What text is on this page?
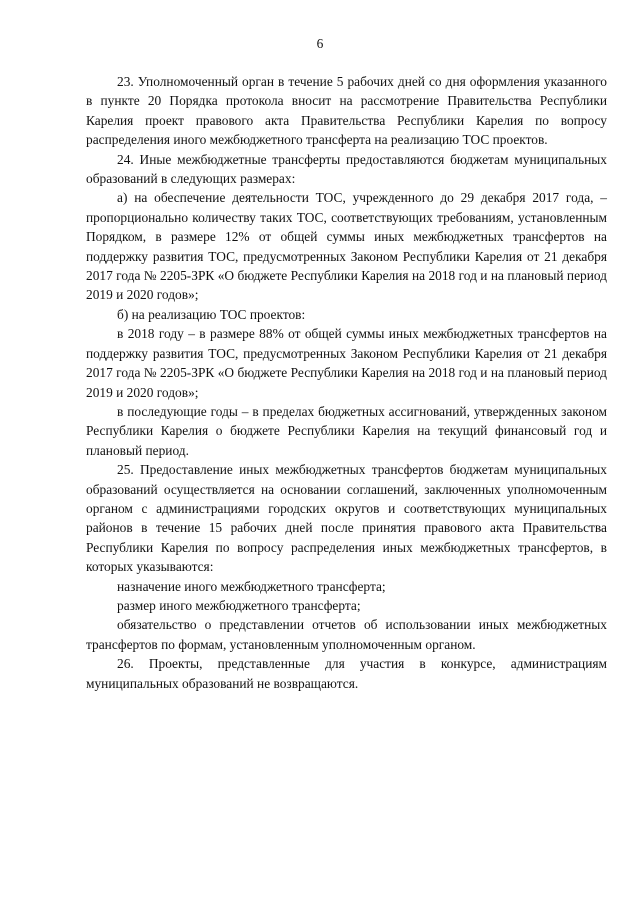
6

23. Уполномоченный орган в течение 5 рабочих дней со дня оформления указанного в пункте 20 Порядка протокола вносит на рассмотрение Правительства Республики Карелия проект правового акта Правительства Республики Карелия по вопросу распределения иного межбюджетного трансферта на реализацию ТОС проектов.

24. Иные межбюджетные трансферты предоставляются бюджетам муниципальных образований в следующих размерах:

а) на обеспечение деятельности ТОС, учрежденного до 29 декабря 2017 года, – пропорционально количеству таких ТОС, соответствующих требованиям, установленным Порядком, в размере 12% от общей суммы иных межбюджетных трансфертов на поддержку развития ТОС, предусмотренных Законом Республики Карелия от 21 декабря 2017 года № 2205-ЗРК «О бюджете Республики Карелия на 2018 год и на плановый период 2019 и 2020 годов»;

б) на реализацию ТОС проектов:

в 2018 году – в размере 88% от общей суммы иных межбюджетных трансфертов на поддержку развития ТОС, предусмотренных Законом Республики Карелия от 21 декабря 2017 года № 2205-ЗРК «О бюджете Республики Карелия на 2018 год и на плановый период 2019 и 2020 годов»;

в последующие годы – в пределах бюджетных ассигнований, утвержденных законом Республики Карелия о бюджете Республики Карелия на текущий финансовый год и плановый период.

25. Предоставление иных межбюджетных трансфертов бюджетам муниципальных образований осуществляется на основании соглашений, заключенных уполномоченным органом с администрациями городских округов и соответствующих муниципальных районов в течение 15 рабочих дней после принятия правового акта Правительства Республики Карелия по вопросу распределения иных межбюджетных трансфертов, в которых указываются:

назначение иного межбюджетного трансферта;

размер иного межбюджетного трансферта;

обязательство о представлении отчетов об использовании иных межбюджетных трансфертов по формам, установленным уполномоченным органом.

26. Проекты, представленные для участия в конкурсе, администрациям муниципальных образований не возвращаются.
